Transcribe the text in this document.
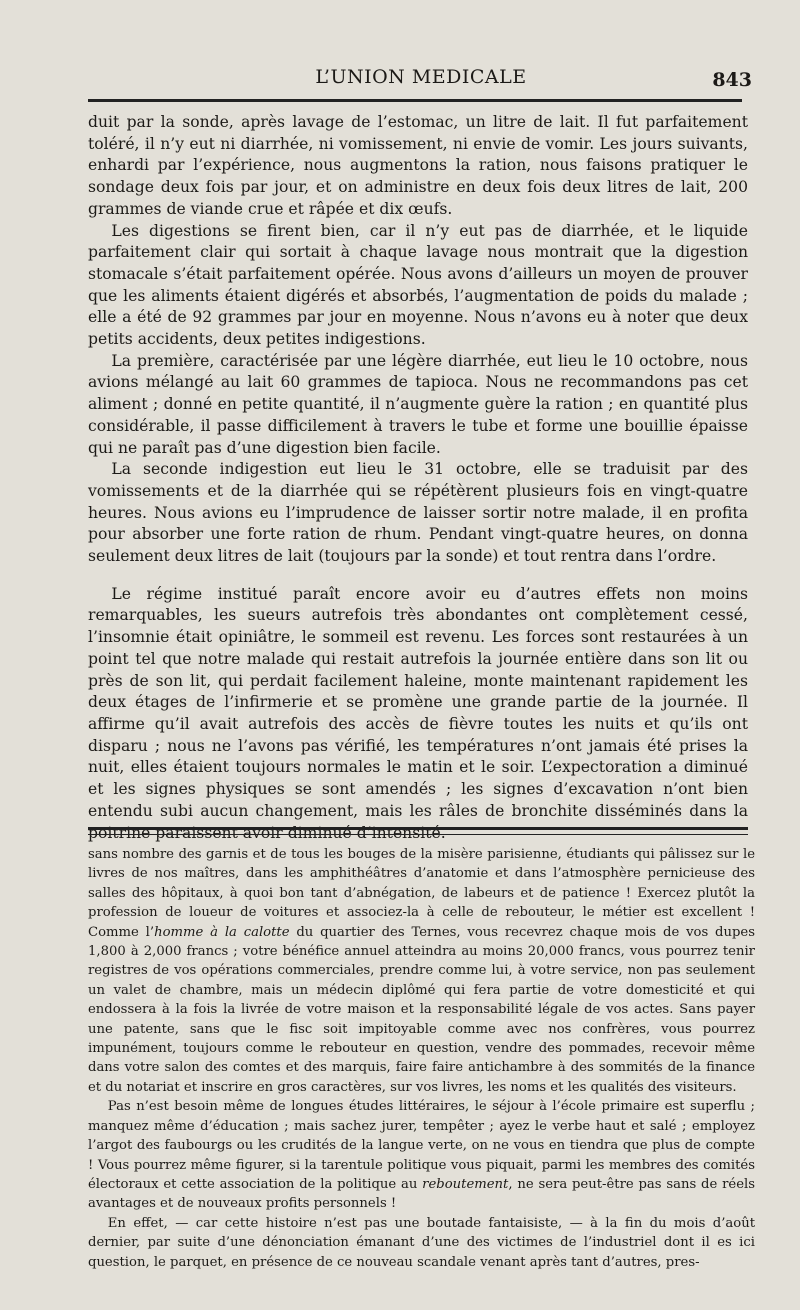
L’UNION MEDICALE	843

duit par la sonde, après lavage de l’estomac, un litre de lait. Il fut parfaitement toléré, il n’y eut ni diarrhée, ni vomissement, ni envie de vomir. Les jours suivants, enhardi par l’expérience, nous augmentons la ration, nous faisons pratiquer le sondage deux fois par jour, et on administre en deux fois deux litres de lait, 200 grammes de viande crue et râpée et dix œufs.

Les digestions se firent bien, car il n’y eut pas de diarrhée, et le liquide parfaitement clair qui sortait à chaque lavage nous montrait que la digestion stomacale s’était parfaitement opérée. Nous avons d’ailleurs un moyen de prouver que les aliments étaient digérés et absorbés, l’augmentation de poids du malade ; elle a été de 92 grammes par jour en moyenne. Nous n’avons eu à noter que deux petits accidents, deux petites indigestions.

La première, caractérisée par une légère diarrhée, eut lieu le 10 octobre, nous avions mélangé au lait 60 grammes de tapioca. Nous ne recommandons pas cet aliment ; donné en petite quantité, il n’augmente guère la ration ; en quantité plus considérable, il passe difficilement à travers le tube et forme une bouillie épaisse qui ne paraît pas d’une digestion bien facile.

La seconde indigestion eut lieu le 31 octobre, elle se traduisit par des vomissements et de la diarrhée qui se répétèrent plusieurs fois en vingt-quatre heures. Nous avions eu l’imprudence de laisser sortir notre malade, il en profita pour absorber une forte ration de rhum. Pendant vingt-quatre heures, on donna seulement deux litres de lait (toujours par la sonde) et tout rentra dans l’ordre.

Le régime institué paraît encore avoir eu d’autres effets non moins remarquables, les sueurs autrefois très abondantes ont complètement cessé, l’insomnie était opiniâtre, le sommeil est revenu. Les forces sont restaurées à un point tel que notre malade qui restait autrefois la journée entière dans son lit ou près de son lit, qui perdait facilement haleine, monte maintenant rapidement les deux étages de l’infirmerie et se promène une grande partie de la journée. Il affirme qu’il avait autrefois des accès de fièvre toutes les nuits et qu’ils ont disparu ; nous ne l’avons pas vérifié, les températures n’ont jamais été prises la nuit, elles étaient toujours normales le matin et le soir. L’expectoration a diminué et les signes physiques se sont amendés ; les signes d’excavation n’ont bien entendu subi aucun changement, mais les râles de bronchite disséminés dans la poitrine paraissent avoir diminué d’intensité.

sans nombre des garnis et de tous les bouges de la misère parisienne, étudiants qui pâlissez sur le livres de nos maîtres, dans les amphithéâtres d’anatomie et dans l’atmosphère pernicieuse des salles des hôpitaux, à quoi bon tant d’abnégation, de labeurs et de patience ! Exercez plutôt la profession de loueur de voitures et associez-la à celle de rebouteur, le métier est excellent ! Comme l’homme à la calotte du quartier des Ternes, vous recevrez chaque mois de vos dupes 1,800 à 2,000 francs ; votre bénéfice annuel atteindra au moins 20,000 francs, vous pourrez tenir registres de vos opérations commerciales, prendre comme lui, à votre service, non pas seulement un valet de chambre, mais un médecin diplômé qui fera partie de votre domesticité et qui endossera à la fois la livrée de votre maison et la responsabilité légale de vos actes. Sans payer une patente, sans que le fisc soit impitoyable comme avec nos confrères, vous pourrez impunément, toujours comme le rebouteur en question, vendre des pommades, recevoir même dans votre salon des comtes et des marquis, faire faire antichambre à des sommités de la finance et du notariat et inscrire en gros caractères, sur vos livres, les noms et les qualités des visiteurs.

Pas n’est besoin même de longues études littéraires, le séjour à l’école primaire est superflu ; manquez même d’éducation ; mais sachez jurer, tempêter ; ayez le verbe haut et salé ; employez l’argot des faubourgs ou les crudités de la langue verte, on ne vous en tiendra que plus de compte ! Vous pourrez même figurer, si la tarentule politique vous piquait, parmi les membres des comités électoraux et cette association de la politique au reboutement, ne sera peut-être pas sans de réels avantages et de nouveaux profits personnels !

En effet, — car cette histoire n’est pas une boutade fantaisiste, — à la fin du mois d’août dernier, par suite d’une dénonciation émanant d’une des victimes de l’industriel dont il es ici question, le parquet, en présence de ce nouveau scandale venant après tant d’autres, pres-
